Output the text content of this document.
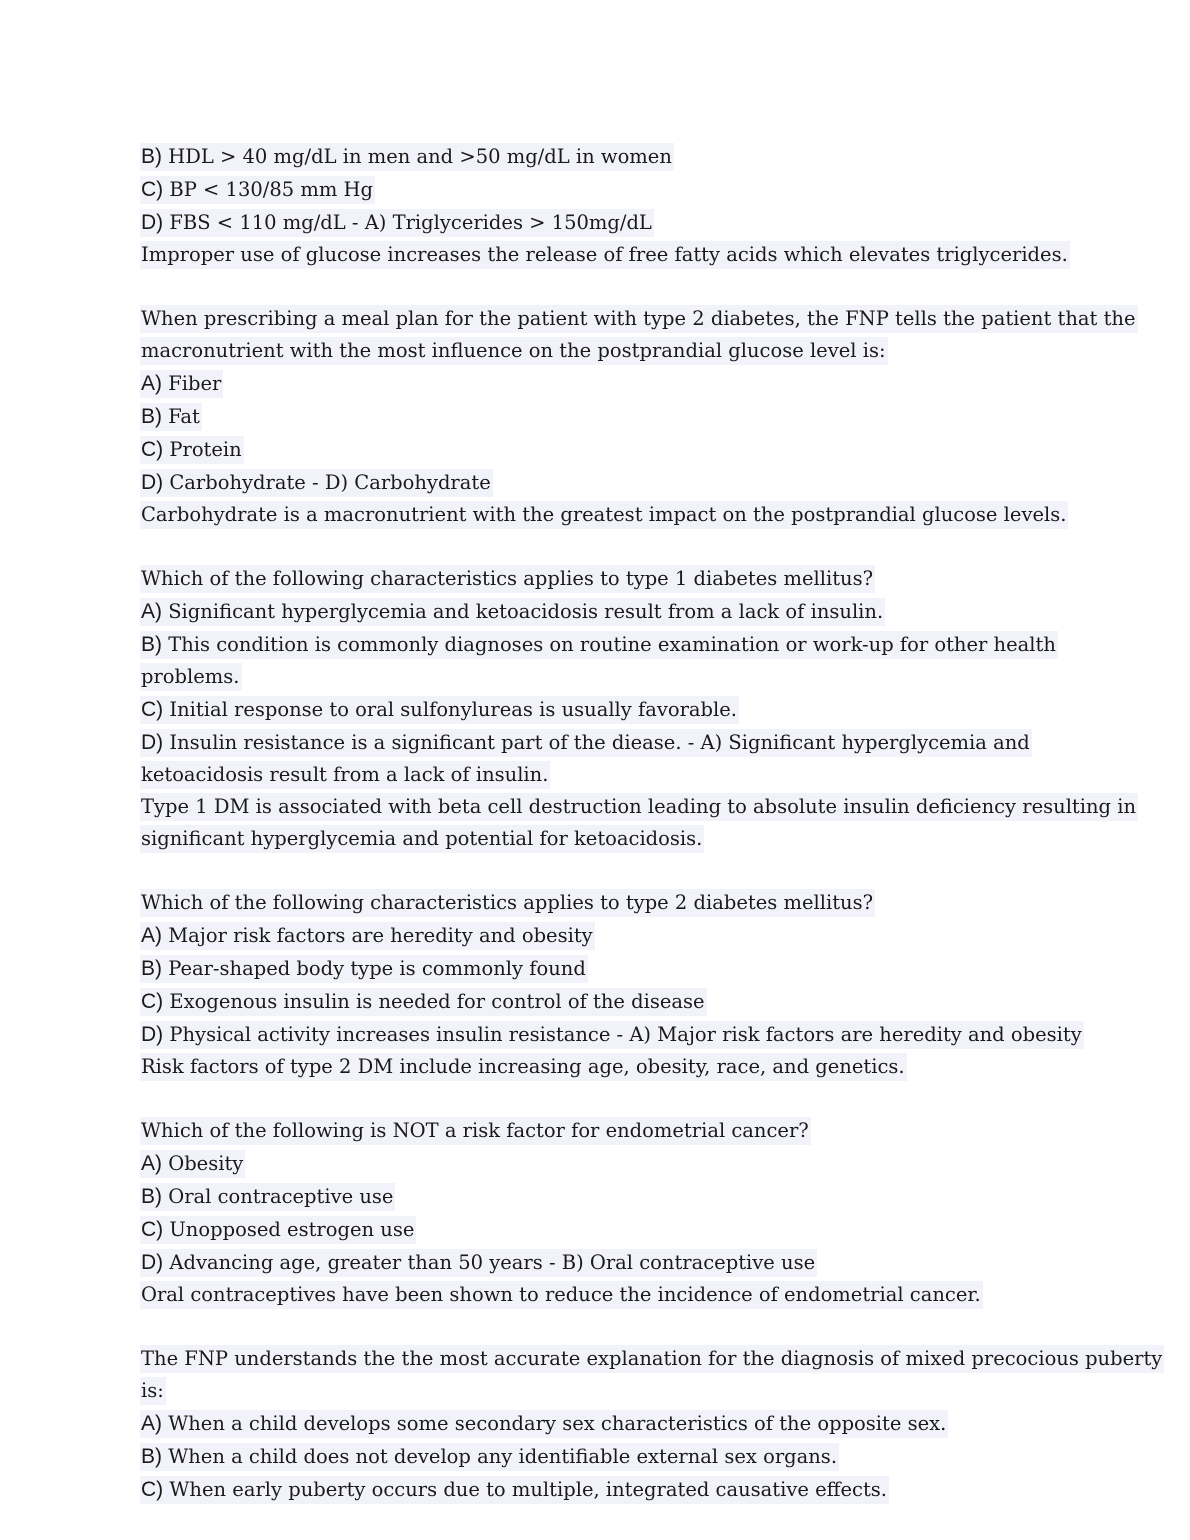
B) HDL > 40 mg/dL in men and >50 mg/dL in women
C) BP < 130/85 mm Hg
D) FBS < 110 mg/dL - A) Triglycerides > 150mg/dL
Improper use of glucose increases the release of free fatty acids which elevates triglycerides.
When prescribing a meal plan for the patient with type 2 diabetes, the FNP tells the patient that the
macronutrient with the most influence on the postprandial glucose level is:
A) Fiber
B) Fat
C) Protein
D) Carbohydrate - D) Carbohydrate
Carbohydrate is a macronutrient with the greatest impact on the postprandial glucose levels.
Which of the following characteristics applies to type 1 diabetes mellitus?
A) Significant hyperglycemia and ketoacidosis result from a lack of insulin.
B) This condition is commonly diagnoses on routine examination or work-up for other health
problems.
C) Initial response to oral sulfonylureas is usually favorable.
D) Insulin resistance is a significant part of the diease. - A) Significant hyperglycemia and
ketoacidosis result from a lack of insulin.
Type 1 DM is associated with beta cell destruction leading to absolute insulin deficiency resulting in
significant hyperglycemia and potential for ketoacidosis.
Which of the following characteristics applies to type 2 diabetes mellitus?
A) Major risk factors are heredity and obesity
B) Pear-shaped body type is commonly found
C) Exogenous insulin is needed for control of the disease
D) Physical activity increases insulin resistance - A) Major risk factors are heredity and obesity
Risk factors of type 2 DM include increasing age, obesity, race, and genetics.
Which of the following is NOT a risk factor for endometrial cancer?
A) Obesity
B) Oral contraceptive use
C) Unopposed estrogen use
D) Advancing age, greater than 50 years - B) Oral contraceptive use
Oral contraceptives have been shown to reduce the incidence of endometrial cancer.
The FNP understands the the most accurate explanation for the diagnosis of mixed precocious puberty
is:
A) When a child develops some secondary sex characteristics of the opposite sex.
B) When a child does not develop any identifiable external sex organs.
C) When early puberty occurs due to multiple, integrated causative effects.
